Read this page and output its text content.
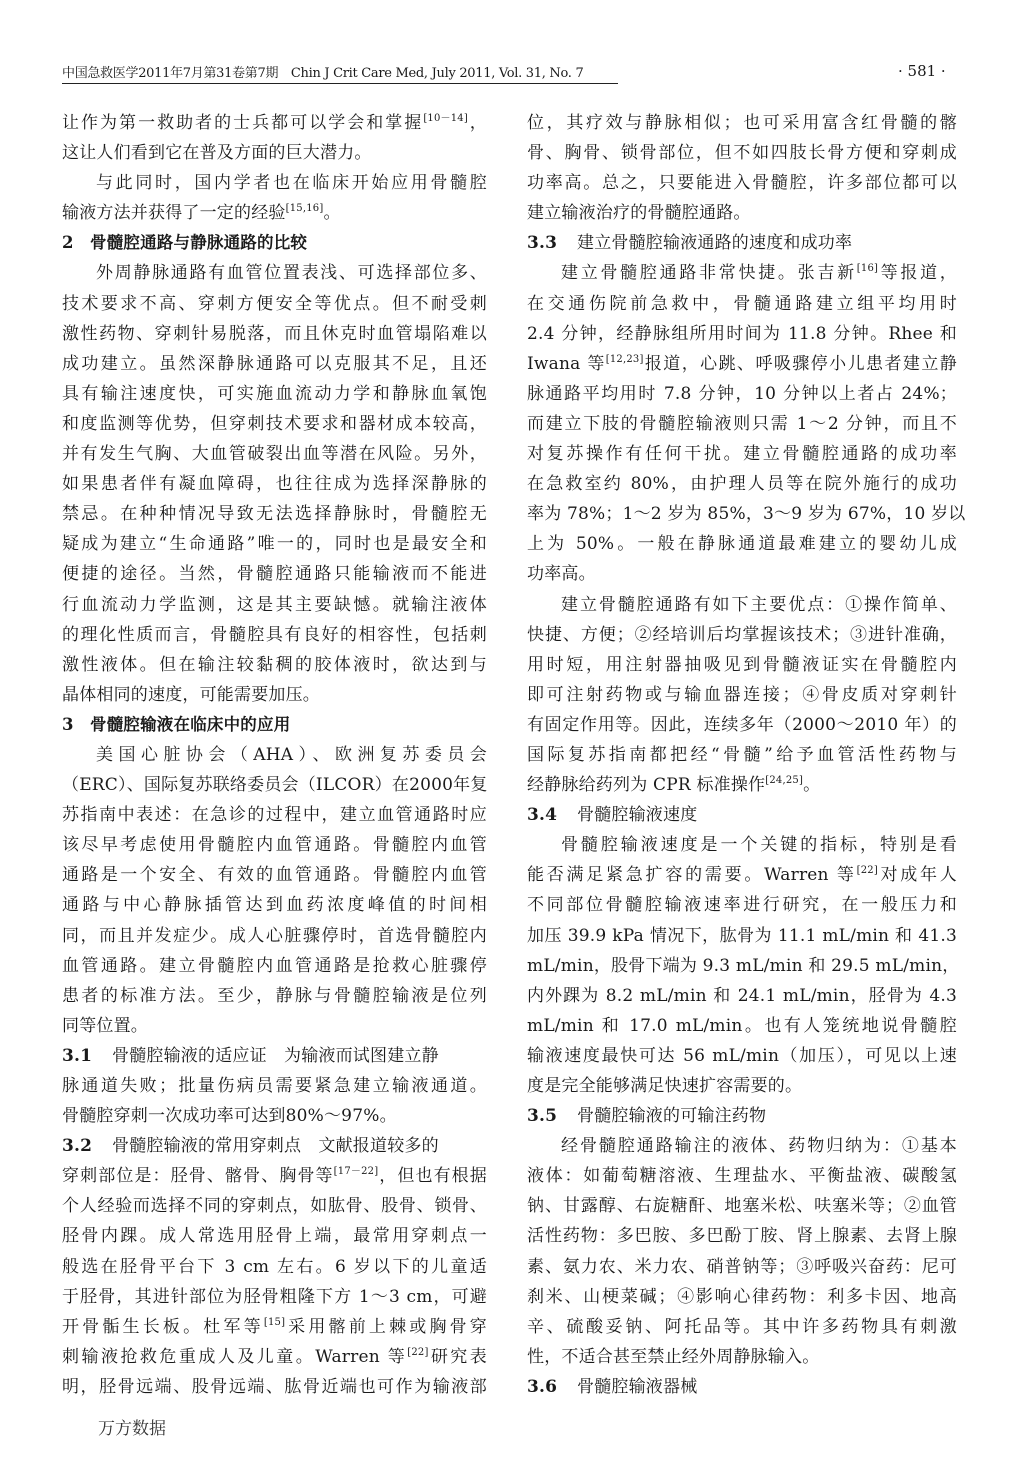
中国急救医学2011年7月第31卷第7期　Chin J Crit Care Med, July 2011, Vol. 31, No. 7	· 581 ·
让作为第一救助者的士兵都可以学会和掌握[10－14]，
这让人们看到它在普及方面的巨大潜力。
与此同时，国内学者也在临床开始应用骨髓腔
输液方法并获得了一定的经验[15,16]。
2 骨髓腔通路与静脉通路的比较
外周静脉通路有血管位置表浅、可选择部位多、
技术要求不高、穿刺方便安全等优点。但不耐受刺
激性药物、穿刺针易脱落，而且休克时血管塌陷难以
成功建立。虽然深静脉通路可以克服其不足，且还
具有输注速度快，可实施血流动力学和静脉血氧饱
和度监测等优势，但穿刺技术要求和器材成本较高，
并有发生气胸、大血管破裂出血等潜在风险。另外，
如果患者伴有凝血障碍，也往往成为选择深静脉的
禁忌。在种种情况导致无法选择静脉时，骨髓腔无
疑成为建立“生命通路”唯一的，同时也是最安全和
便捷的途径。当然，骨髓腔通路只能输液而不能进
行血流动力学监测，这是其主要缺憾。就输注液体
的理化性质而言，骨髓腔具有良好的相容性，包括刺
激性液体。但在输注较黏稠的胶体液时，欲达到与
晶体相同的速度，可能需要加压。
3 骨髓腔输液在临床中的应用
美国心脏协会（AHA）、欧洲复苏委员会
（ERC）、国际复苏联络委员会（ILCOR）在2000年复
苏指南中表述：在急诊的过程中，建立血管通路时应
该尽早考虑使用骨髓腔内血管通路。骨髓腔内血管
通路是一个安全、有效的血管通路。骨髓腔内血管
通路与中心静脉插管达到血药浓度峰值的时间相
同，而且并发症少。成人心脏骤停时，首选骨髓腔内
血管通路。建立骨髓腔内血管通路是抢救心脏骤停
患者的标准方法。至少，静脉与骨髓腔输液是位列
同等位置。
3.1 骨髓腔输液的适应证　为输液而试图建立静
脉通道失败；批量伤病员需要紧急建立输液通道。
骨髓腔穿刺一次成功率可达到80%～97%。
3.2 骨髓腔输液的常用穿刺点　文献报道较多的
穿刺部位是：胫骨、髂骨、胸骨等[17－22]，但也有根据
个人经验而选择不同的穿刺点，如肱骨、股骨、锁骨、
胫骨内踝。成人常选用胫骨上端，最常用穿刺点一
般选在胫骨平台下 3 cm 左右。6 岁以下的儿童适
于胫骨，其进针部位为胫骨粗隆下方 1～3 cm，可避
开骨骺生长板。杜军等[15]采用髂前上棘或胸骨穿
刺输液抢救危重成人及儿童。Warren 等[22]研究表
明，胫骨远端、股骨远端、肱骨近端也可作为输液部
位，其疗效与静脉相似；也可采用富含红骨髓的髂
骨、胸骨、锁骨部位，但不如四肢长骨方便和穿刺成
功率高。总之，只要能进入骨髓腔，许多部位都可以
建立输液治疗的骨髓腔通路。
3.3 建立骨髓腔输液通路的速度和成功率
建立骨髓腔通路非常快捷。张吉新[16]等报道，
在交通伤院前急救中，骨髓通路建立组平均用时
2.4 分钟，经静脉组所用时间为 11.8 分钟。Rhee 和
Iwana 等[12,23]报道，心跳、呼吸骤停小儿患者建立静
脉通路平均用时 7.8 分钟，10 分钟以上者占 24%；
而建立下肢的骨髓腔输液则只需 1～2 分钟，而且不
对复苏操作有任何干扰。建立骨髓腔通路的成功率
在急救室约 80%，由护理人员等在院外施行的成功
率为 78%；1～2 岁为 85%，3～9 岁为 67%，10 岁以
上为 50%。一般在静脉通道最难建立的婴幼儿成
功率高。
建立骨髓腔通路有如下主要优点：①操作简单、
快捷、方便；②经培训后均掌握该技术；③进针准确，
用时短，用注射器抽吸见到骨髓液证实在骨髓腔内
即可注射药物或与输血器连接；④骨皮质对穿刺针
有固定作用等。因此，连续多年（2000～2010 年）的
国际复苏指南都把经“骨髓”给予血管活性药物与
经静脉给药列为 CPR 标准操作[24,25]。
3.4 骨髓腔输液速度
骨髓腔输液速度是一个关键的指标，特别是看
能否满足紧急扩容的需要。Warren 等[22]对成年人
不同部位骨髓腔输液速率进行研究，在一般压力和
加压 39.9 kPa 情况下，肱骨为 11.1 mL/min 和 41.3
mL/min，股骨下端为 9.3 mL/min 和 29.5 mL/min，
内外踝为 8.2 mL/min 和 24.1 mL/min，胫骨为 4.3
mL/min 和 17.0 mL/min。也有人笼统地说骨髓腔
输液速度最快可达 56 mL/min（加压），可见以上速
度是完全能够满足快速扩容需要的。
3.5 骨髓腔输液的可输注药物
经骨髓腔通路输注的液体、药物归纳为：①基本
液体：如葡萄糖溶液、生理盐水、平衡盐液、碳酸氢
钠、甘露醇、右旋糖酐、地塞米松、呋塞米等；②血管
活性药物：多巴胺、多巴酚丁胺、肾上腺素、去肾上腺
素、氨力农、米力农、硝普钠等；③呼吸兴奋药：尼可
刹米、山梗菜碱；④影响心律药物：利多卡因、地高
辛、硫酸妥钠、阿托品等。其中许多药物具有刺激
性，不适合甚至禁止经外周静脉输入。
3.6 骨髓腔输液器械
万方数据
